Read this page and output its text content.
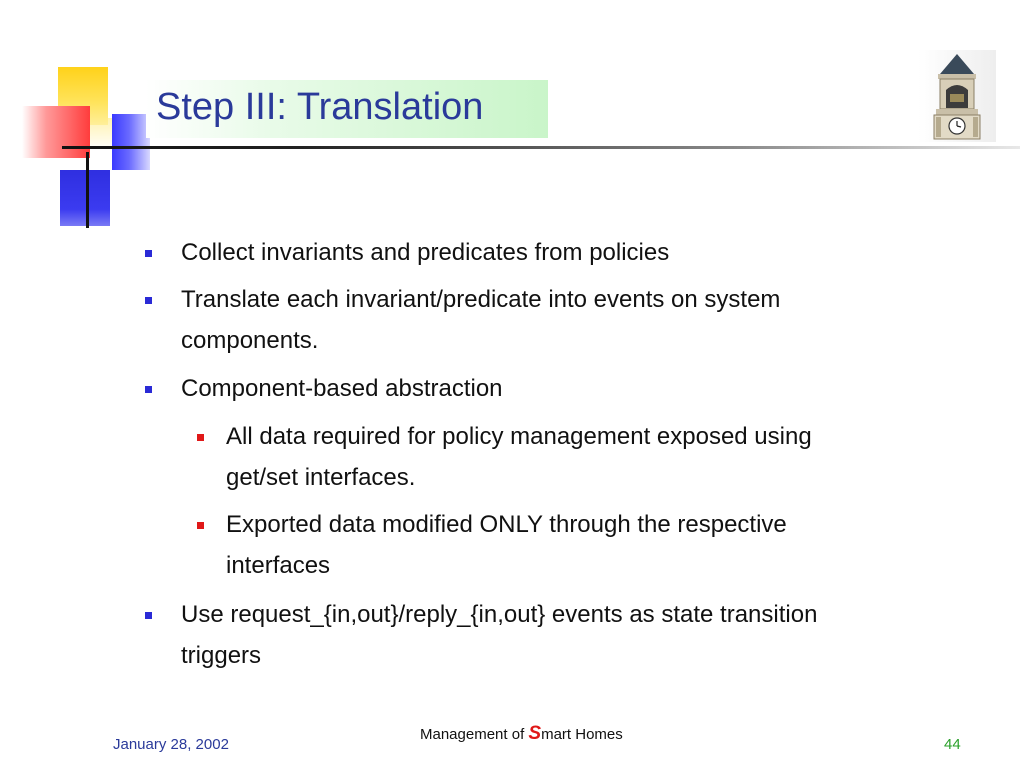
Step III: Translation
Collect invariants and predicates from policies
Translate each invariant/predicate into events on system
components.
Component-based abstraction
All data required for policy management exposed using
get/set interfaces.
Exported data modified ONLY through the respective
interfaces
Use request_{in,out}/reply_{in,out} events as state transition
triggers
January 28, 2002
Management of Smart Homes
44
